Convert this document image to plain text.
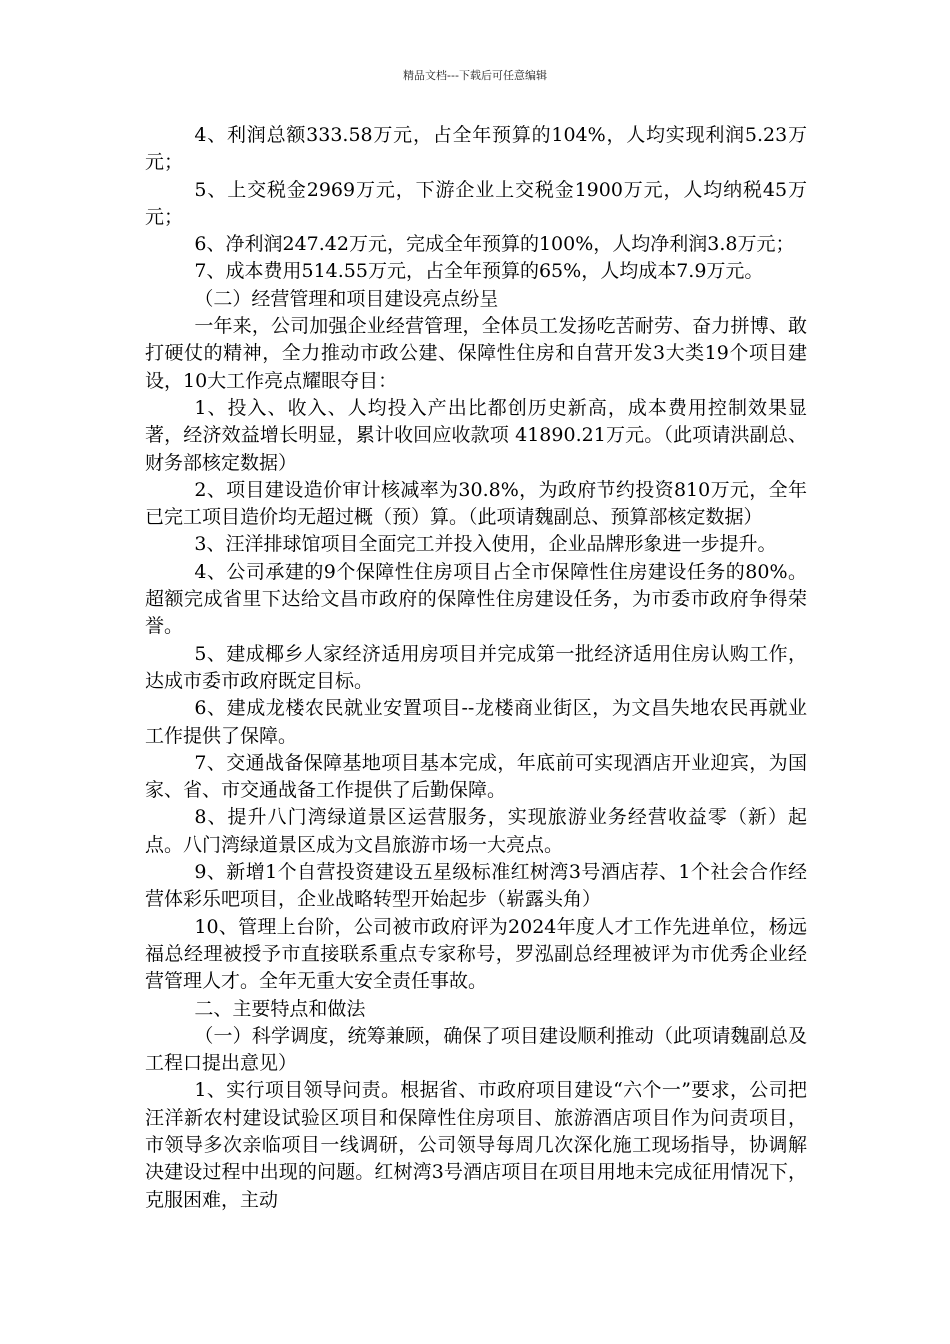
精品文档---下载后可任意编辑

4、利润总额333.58万元，占全年预算的104%，人均实现利润5.23万元；

5、上交税金2969万元，下游企业上交税金1900万元，人均纳税45万元；

6、净利润247.42万元，完成全年预算的100%，人均净利润3.8万元；

7、成本费用514.55万元，占全年预算的65%，人均成本7.9万元。

（二）经营管理和项目建设亮点纷呈

一年来，公司加强企业经营管理，全体员工发扬吃苦耐劳、奋力拼博、敢打硬仗的精神，全力推动市政公建、保障性住房和自营开发3大类19个项目建设，10大工作亮点耀眼夺目：

1、投入、收入、人均投入产出比都创历史新高，成本费用控制效果显著，经济效益增长明显，累计收回应收款项 41890.21万元。（此项请洪副总、财务部核定数据）

2、项目建设造价审计核减率为30.8%，为政府节约投资810万元，全年已完工项目造价均无超过概（预）算。（此项请魏副总、预算部核定数据）

3、汪洋排球馆项目全面完工并投入使用，企业品牌形象进一步提升。

4、公司承建的9个保障性住房项目占全市保障性住房建设任务的80%。超额完成省里下达给文昌市政府的保障性住房建设任务，为市委市政府争得荣誉。

5、建成椰乡人家经济适用房项目并完成第一批经济适用住房认购工作，达成市委市政府既定目标。

6、建成龙楼农民就业安置项目--龙楼商业街区，为文昌失地农民再就业工作提供了保障。

7、交通战备保障基地项目基本完成，年底前可实现酒店开业迎宾，为国家、省、市交通战备工作提供了后勤保障。

8、提升八门湾绿道景区运营服务，实现旅游业务经营收益零（新）起点。八门湾绿道景区成为文昌旅游市场一大亮点。

9、新增1个自营投资建设五星级标准红树湾3号酒店荐、1个社会合作经营体彩乐吧项目，企业战略转型开始起步（崭露头角）

10、管理上台阶，公司被市政府评为2024年度人才工作先进单位，杨远福总经理被授予市直接联系重点专家称号，罗泓副总经理被评为市优秀企业经营管理人才。全年无重大安全责任事故。

二、主要特点和做法

（一）科学调度，统筹兼顾，确保了项目建设顺利推动（此项请魏副总及工程口提出意见）

1、实行项目领导问责。根据省、市政府项目建设“六个一”要求，公司把汪洋新农村建设试验区项目和保障性住房项目、旅游酒店项目作为问责项目，市领导多次亲临项目一线调研，公司领导每周几次深化施工现场指导，协调解决建设过程中出现的问题。红树湾3号酒店项目在项目用地未完成征用情况下，克服困难，主动
